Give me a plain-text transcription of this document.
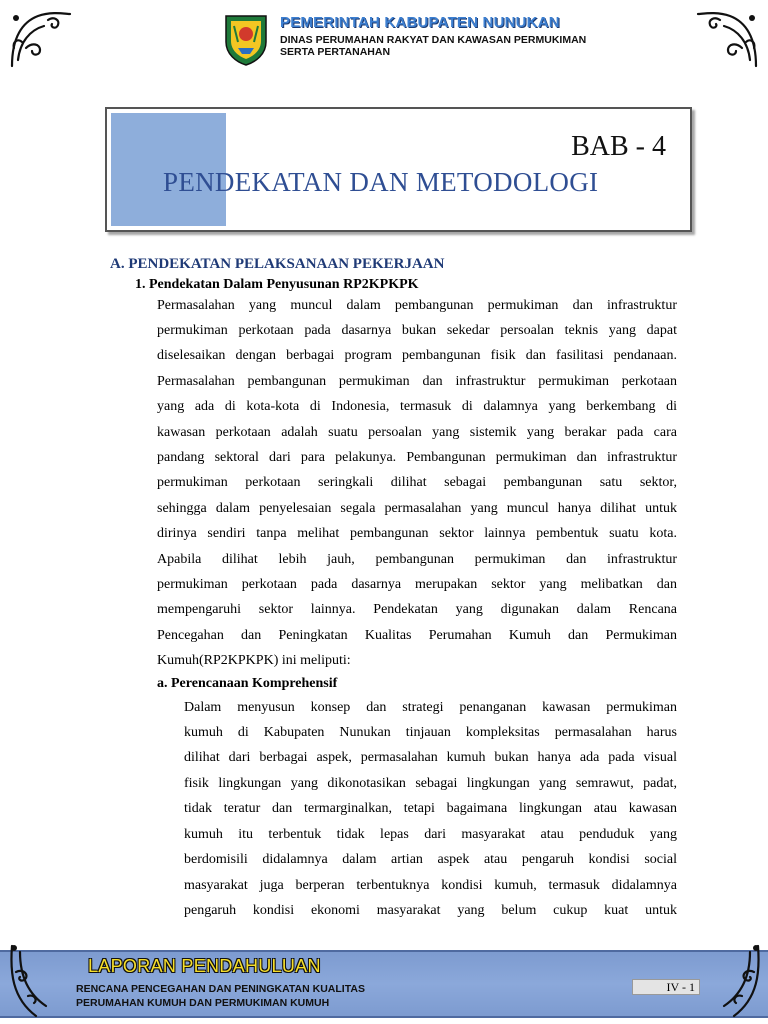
PEMERINTAH KABUPATEN NUNUKAN
DINAS PERUMAHAN RAKYAT DAN KAWASAN PERMUKIMAN
SERTA PERTANAHAN
BAB - 4
PENDEKATAN DAN METODOLOGI
A. PENDEKATAN PELAKSANAAN PEKERJAAN
1. Pendekatan Dalam Penyusunan RP2KPKPK
Permasalahan yang muncul dalam pembangunan permukiman dan infrastruktur
permukiman perkotaan pada dasarnya bukan sekedar persoalan teknis yang dapat
diselesaikan dengan berbagai program pembangunan fisik dan fasilitasi pendanaan.
Permasalahan pembangunan permukiman dan infrastruktur permukiman perkotaan
yang ada di kota-kota di Indonesia, termasuk di dalamnya yang berkembang di
kawasan perkotaan adalah suatu persoalan yang sistemik yang berakar pada cara
pandang sektoral dari para pelakunya. Pembangunan permukiman dan infrastruktur
permukiman perkotaan seringkali dilihat sebagai pembangunan satu sektor,
sehingga dalam penyelesaian segala permasalahan yang muncul hanya dilihat untuk
dirinya sendiri tanpa melihat pembangunan sektor lainnya pembentuk suatu kota.
Apabila dilihat lebih jauh, pembangunan permukiman dan infrastruktur
permukiman perkotaan pada dasarnya merupakan sektor yang melibatkan dan
mempengaruhi sektor lainnya. Pendekatan yang digunakan dalam Rencana
Pencegahan dan Peningkatan Kualitas Perumahan Kumuh dan Permukiman
Kumuh(RP2KPKPK) ini meliputi:
a. Perencanaan Komprehensif
Dalam menyusun konsep dan strategi penanganan kawasan permukiman
kumuh di Kabupaten Nunukan tinjauan kompleksitas permasalahan harus
dilihat dari berbagai aspek, permasalahan kumuh bukan hanya ada pada visual
fisik lingkungan yang dikonotasikan sebagai lingkungan yang semrawut, padat,
tidak teratur dan termarginalkan, tetapi bagaimana lingkungan atau kawasan
kumuh itu terbentuk tidak lepas dari masyarakat atau penduduk yang
berdomisili didalamnya dalam artian aspek atau pengaruh kondisi social
masyarakat juga berperan terbentuknya kondisi kumuh, termasuk didalamnya
pengaruh kondisi ekonomi masyarakat yang belum cukup kuat untuk
LAPORAN PENDAHULUAN
RENCANA PENCEGAHAN DAN PENINGKATAN KUALITAS
PERUMAHAN KUMUH DAN PERMUKIMAN KUMUH
IV - 1
